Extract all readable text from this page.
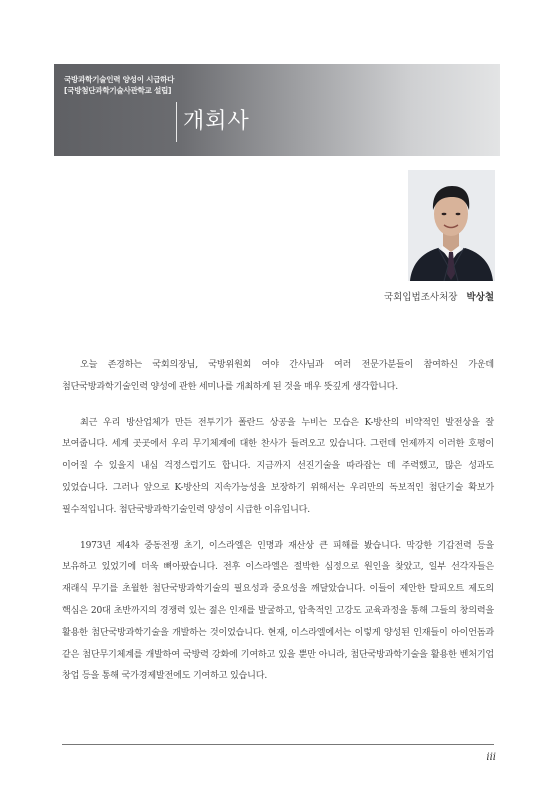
국방과학기술인력 양성이 시급하다
[국방첨단과학기술사관학교 설립]
개회사
국회입법조사처장 박상철

오늘 존경하는 국회의장님, 국방위원회 여야 간사님과 여러 전문가분들이 참여하신 가운데 첨단국방과학기술인력 양성에 관한 세미나를 개최하게 된 것을 매우 뜻깊게 생각합니다.

최근 우리 방산업체가 만든 전투기가 폴란드 상공을 누비는 모습은 K-방산의 비약적인 발전상을 잘 보여줍니다. 세계 곳곳에서 우리 무기체계에 대한 찬사가 들려오고 있습니다. 그런데 언제까지 이러한 호평이 이어질 수 있을지 내심 걱정스럽기도 합니다. 지금까지 선진기술을 따라잡는 데 주력했고, 많은 성과도 있었습니다. 그러나 앞으로 K-방산의 지속가능성을 보장하기 위해서는 우리만의 독보적인 첨단기술 확보가 필수적입니다. 첨단국방과학기술인력 양성이 시급한 이유입니다.

1973년 제4차 중동전쟁 초기, 이스라엘은 인명과 재산상 큰 피해를 봤습니다. 막강한 기갑전력 등을 보유하고 있었기에 더욱 뼈아팠습니다. 전후 이스라엘은 절박한 심정으로 원인을 찾았고, 일부 선각자들은 재래식 무기를 초월한 첨단국방과학기술의 필요성과 중요성을 깨달았습니다. 이들이 제안한 탈피오트 제도의 핵심은 20대 초반까지의 경쟁력 있는 젊은 인재를 발굴하고, 압축적인 고강도 교육과정을 통해 그들의 창의력을 활용한 첨단국방과학기술을 개발하는 것이었습니다. 현재, 이스라엘에서는 이렇게 양성된 인재들이 아이언돔과 같은 첨단무기체계를 개발하여 국방력 강화에 기여하고 있을 뿐만 아니라, 첨단국방과학기술을 활용한 벤처기업 창업 등을 통해 국가경제발전에도 기여하고 있습니다.

iii
